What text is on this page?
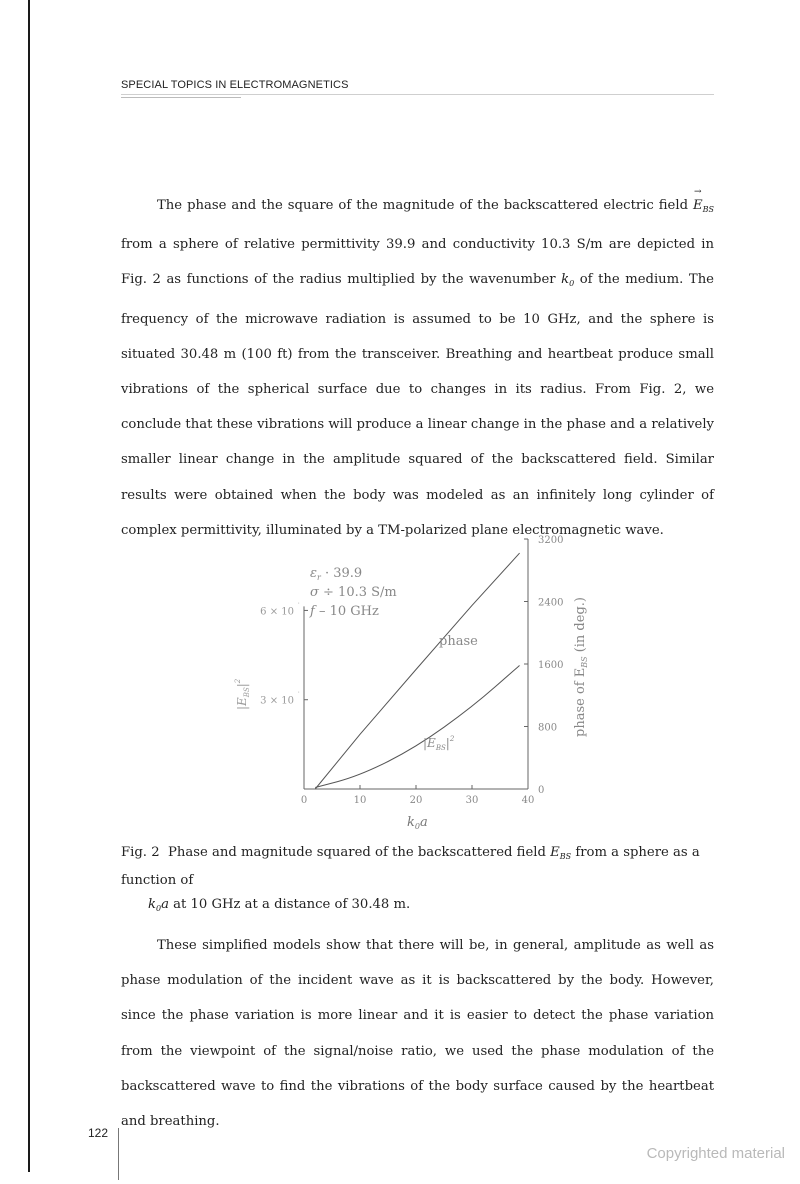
SPECIAL TOPICS IN ELECTROMAGNETICS
The phase and the square of the magnitude of the backscattered electric field → $E_{BS}$ from a sphere of relative permittivity 39.9 and conductivity 10.3 S/m are depicted in Fig. 2 as functions of the radius multiplied by the wavenumber $k_0$ of the medium. The frequency of the microwave radiation is assumed to be 10 GHz, and the sphere is situated 30.48 m (100 ft) from the transceiver. Breathing and heartbeat produce small vibrations of the spherical surface due to changes in its radius. From Fig. 2, we conclude that these vibrations will produce a linear change in the phase and a relatively smaller linear change in the amplitude squared of the backscattered field. Similar results were obtained when the body was modeled as an infinitely long cylinder of complex permittivity, illuminated by a TM-polarized plane electromagnetic wave.
0	10	20	30	40
3 × 10 ˙
6 × 10 ˙
0
800
1600
2400
3200
$\varepsilon_r \cdot 39.9$
σ ÷ 10.3 S/m
f – 10 GHz
phase
$|E_{BS}|^2$
$k_0a$
$|E_{BS}|^2$	phase of $E_{BS}$ (in deg.)
Fig. 2 Phase and magnitude squared of the backscattered field $E_{BS}$ from a sphere as a function of
$k_0a$ at 10 GHz at a distance of 30.48 m.
These simplified models show that there will be, in general, amplitude as well as phase modulation of the incident wave as it is backscattered by the body. However, since the phase variation is more linear and it is easier to detect the phase variation from the viewpoint of the signal/noise ratio, we used the phase modulation of the backscattered wave to find the vibrations of the body surface caused by the heartbeat and breathing.
122
Copyrighted material
